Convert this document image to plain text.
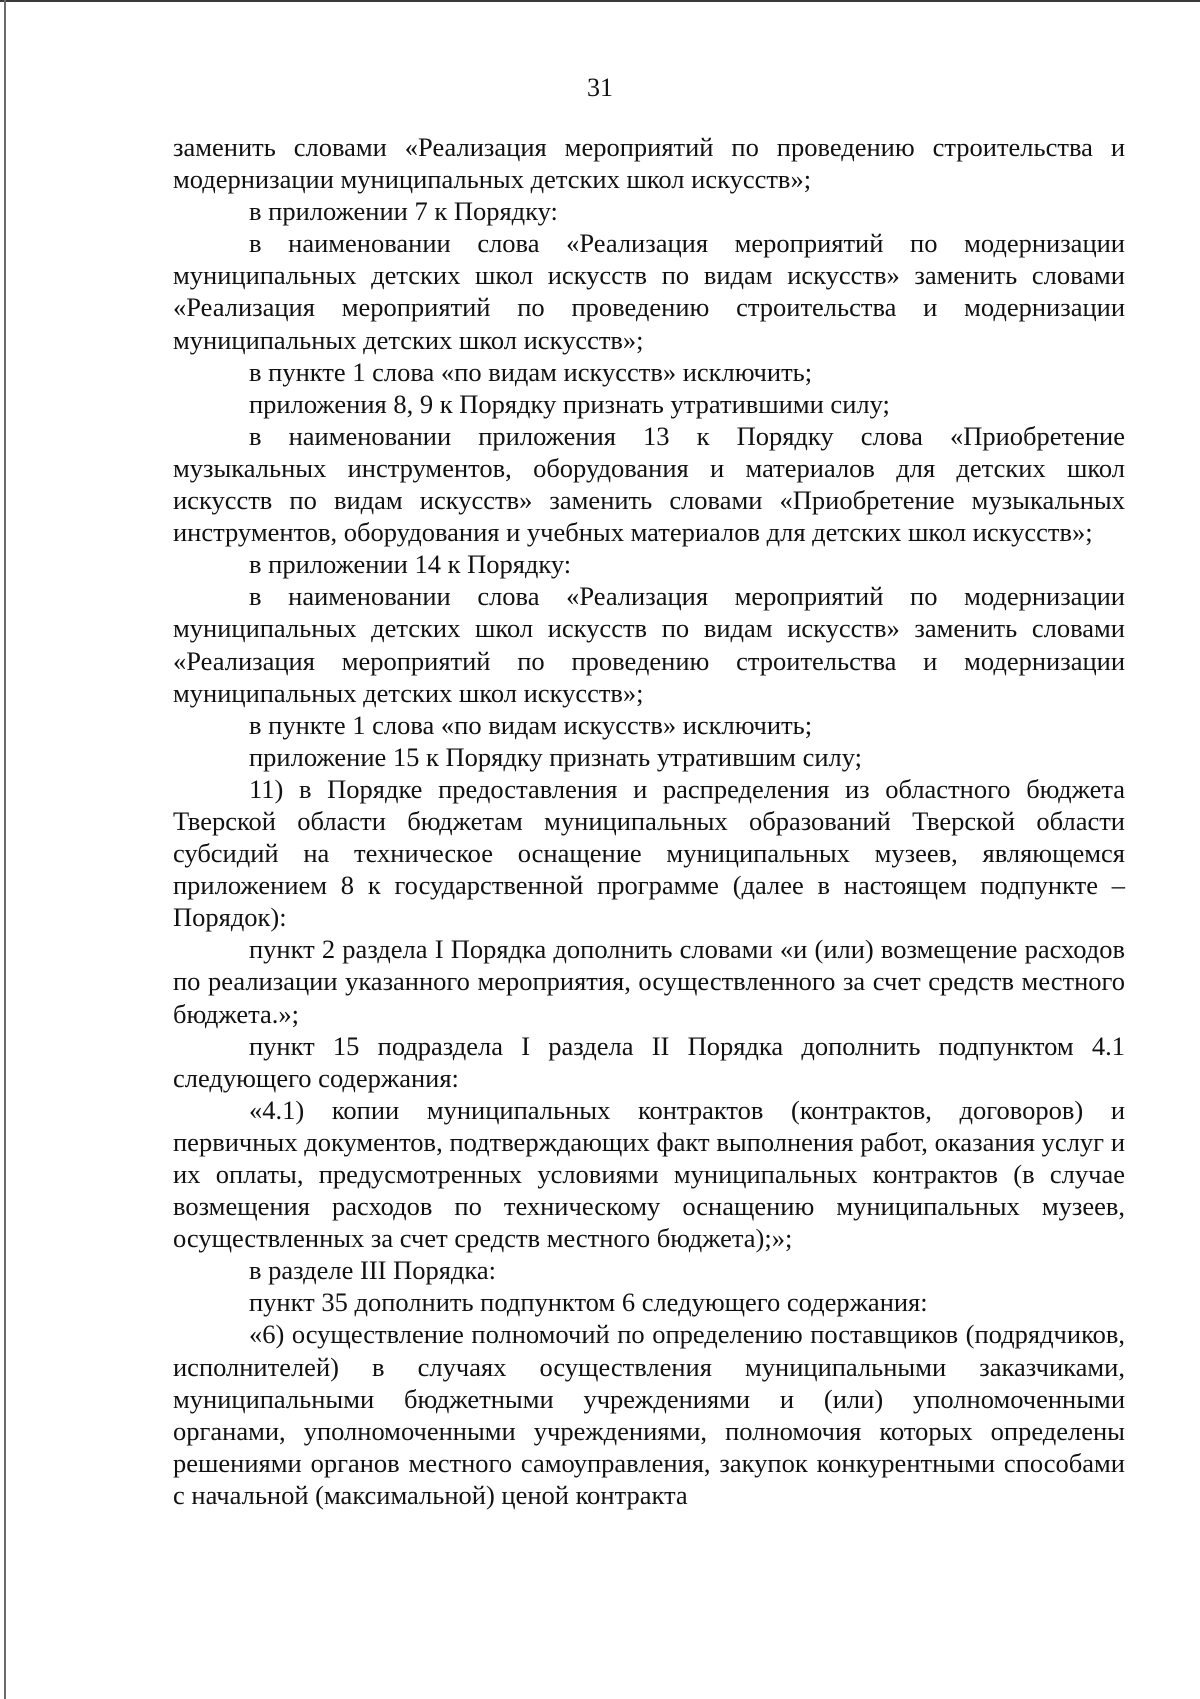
31

заменить словами «Реализация мероприятий по проведению строительства и модернизации муниципальных детских школ искусств»;

в приложении 7 к Порядку:

в наименовании слова «Реализация мероприятий по модернизации муниципальных детских школ искусств по видам искусств» заменить словами «Реализация мероприятий по проведению строительства и модернизации муниципальных детских школ искусств»;

в пункте 1 слова «по видам искусств» исключить;

приложения 8, 9 к Порядку признать утратившими силу;

в наименовании приложения 13 к Порядку слова «Приобретение музыкальных инструментов, оборудования и материалов для детских школ искусств по видам искусств» заменить словами «Приобретение музыкальных инструментов, оборудования и учебных материалов для детских школ искусств»;

в приложении 14 к Порядку:

в наименовании слова «Реализация мероприятий по модернизации муниципальных детских школ искусств по видам искусств» заменить словами «Реализация мероприятий по проведению строительства и модернизации муниципальных детских школ искусств»;

в пункте 1 слова «по видам искусств» исключить;

приложение 15 к Порядку признать утратившим силу;

11) в Порядке предоставления и распределения из областного бюджета Тверской области бюджетам муниципальных образований Тверской области субсидий на техническое оснащение муниципальных музеев, являющемся приложением 8 к государственной программе (далее в настоящем подпункте – Порядок):

пункт 2 раздела I Порядка дополнить словами «и (или) возмещение расходов по реализации указанного мероприятия, осуществленного за счет средств местного бюджета.»;

пункт 15 подраздела I раздела II Порядка дополнить подпунктом 4.1 следующего содержания:

«4.1) копии муниципальных контрактов (контрактов, договоров) и первичных документов, подтверждающих факт выполнения работ, оказания услуг и их оплаты, предусмотренных условиями муниципальных контрактов (в случае возмещения расходов по техническому оснащению муниципальных музеев, осуществленных за счет средств местного бюджета);»;

в разделе III Порядка:

пункт 35 дополнить подпунктом 6 следующего содержания:

«6) осуществление полномочий по определению поставщиков (подрядчиков, исполнителей) в случаях осуществления муниципальными заказчиками, муниципальными бюджетными учреждениями и (или) уполномоченными органами, уполномоченными учреждениями, полномочия которых определены решениями органов местного самоуправления, закупок конкурентными способами с начальной (максимальной) ценой контракта
